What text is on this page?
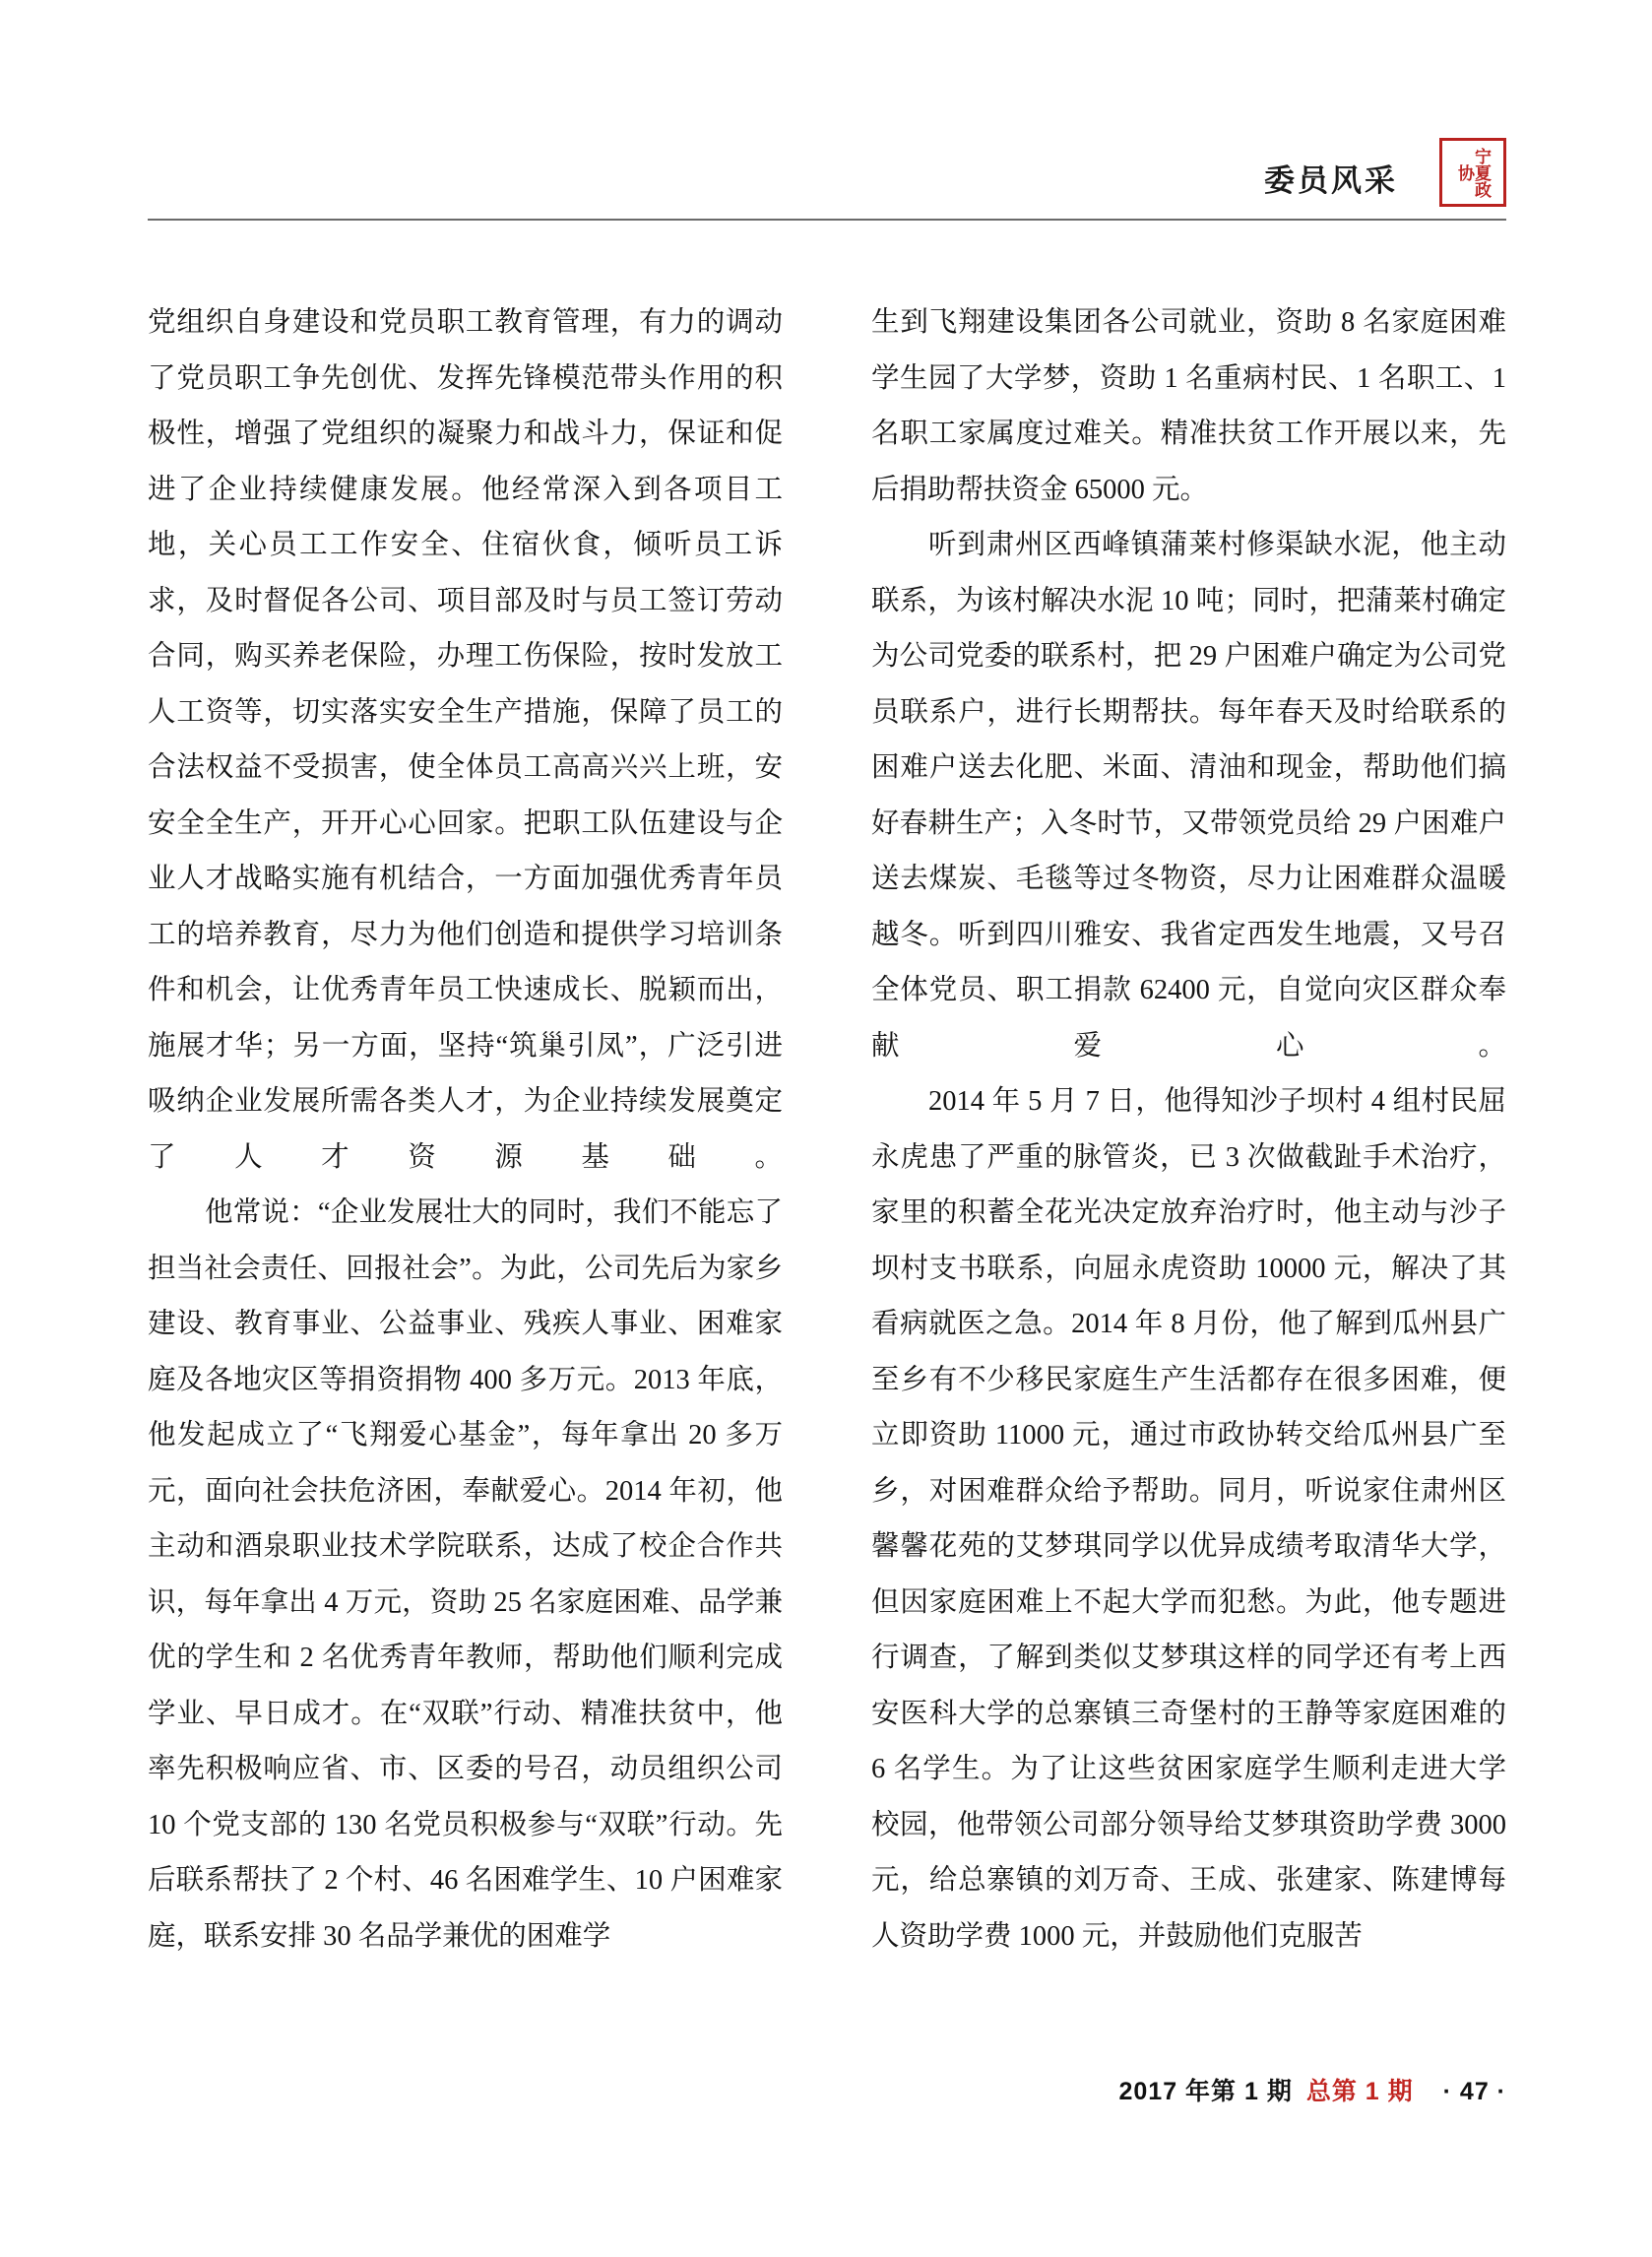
委员风采	宁夏政协

党组织自身建设和党员职工教育管理，有力的调动了党员职工争先创优、发挥先锋模范带头作用的积极性，增强了党组织的凝聚力和战斗力，保证和促进了企业持续健康发展。他经常深入到各项目工地，关心员工工作安全、住宿伙食，倾听员工诉求，及时督促各公司、项目部及时与员工签订劳动合同，购买养老保险，办理工伤保险，按时发放工人工资等，切实落实安全生产措施，保障了员工的合法权益不受损害，使全体员工高高兴兴上班，安安全全生产，开开心心回家。把职工队伍建设与企业人才战略实施有机结合，一方面加强优秀青年员工的培养教育，尽力为他们创造和提供学习培训条件和机会，让优秀青年员工快速成长、脱颖而出，施展才华；另一方面，坚持“筑巢引凤”，广泛引进吸纳企业发展所需各类人才，为企业持续发展奠定了人才资源基础。

他常说：“企业发展壮大的同时，我们不能忘了担当社会责任、回报社会”。为此，公司先后为家乡建设、教育事业、公益事业、残疾人事业、困难家庭及各地灾区等捐资捐物 400 多万元。2013 年底，他发起成立了“飞翔爱心基金”，每年拿出 20 多万元，面向社会扶危济困，奉献爱心。2014 年初，他主动和酒泉职业技术学院联系，达成了校企合作共识，每年拿出 4 万元，资助 25 名家庭困难、品学兼优的学生和 2 名优秀青年教师，帮助他们顺利完成学业、早日成才。在“双联”行动、精准扶贫中，他率先积极响应省、市、区委的号召，动员组织公司 10 个党支部的 130 名党员积极参与“双联”行动。先后联系帮扶了 2 个村、46 名困难学生、10 户困难家庭，联系安排 30 名品学兼优的困难学

生到飞翔建设集团各公司就业，资助 8 名家庭困难学生园了大学梦，资助 1 名重病村民、1 名职工、1 名职工家属度过难关。精准扶贫工作开展以来，先后捐助帮扶资金 65000 元。

听到肃州区西峰镇蒲莱村修渠缺水泥，他主动联系，为该村解决水泥 10 吨；同时，把蒲莱村确定为公司党委的联系村，把 29 户困难户确定为公司党员联系户，进行长期帮扶。每年春天及时给联系的困难户送去化肥、米面、清油和现金，帮助他们搞好春耕生产；入冬时节，又带领党员给 29 户困难户送去煤炭、毛毯等过冬物资，尽力让困难群众温暖越冬。听到四川雅安、我省定西发生地震，又号召全体党员、职工捐款 62400 元，自觉向灾区群众奉献爱心。

2014 年 5 月 7 日，他得知沙子坝村 4 组村民屈永虎患了严重的脉管炎，已 3 次做截趾手术治疗，家里的积蓄全花光决定放弃治疗时，他主动与沙子坝村支书联系，向屈永虎资助 10000 元，解决了其看病就医之急。2014 年 8 月份，他了解到瓜州县广至乡有不少移民家庭生产生活都存在很多困难，便立即资助 11000 元，通过市政协转交给瓜州县广至乡，对困难群众给予帮助。同月，听说家住肃州区馨馨花苑的艾梦琪同学以优异成绩考取清华大学，但因家庭困难上不起大学而犯愁。为此，他专题进行调查，了解到类似艾梦琪这样的同学还有考上西安医科大学的总寨镇三奇堡村的王静等家庭困难的 6 名学生。为了让这些贫困家庭学生顺利走进大学校园，他带领公司部分领导给艾梦琪资助学费 3000 元，给总寨镇的刘万奇、王成、张建家、陈建博每人资助学费 1000 元，并鼓励他们克服苦

2017 年第 1 期 总第 1 期 · 47 ·
